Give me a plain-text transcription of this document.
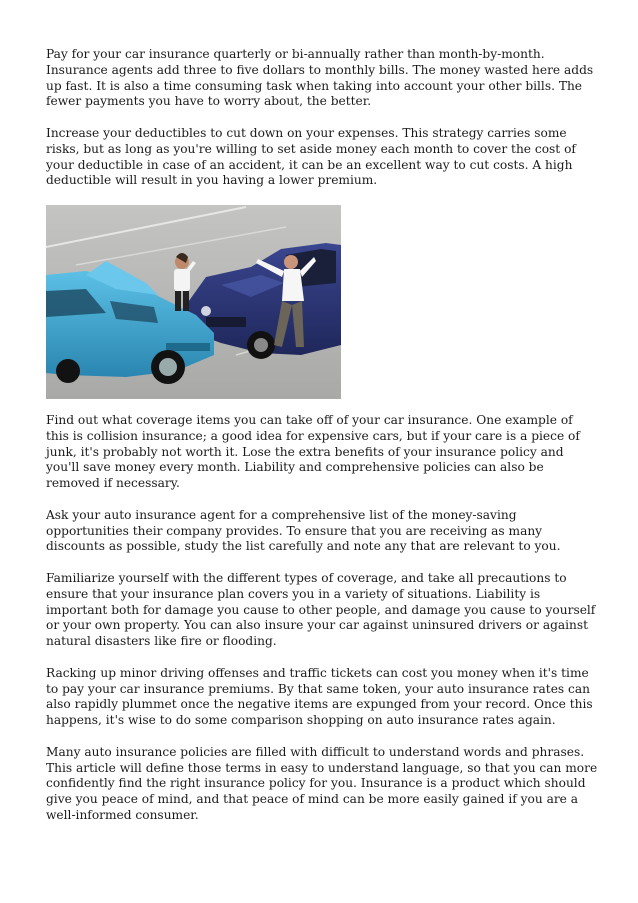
Pay for your car insurance quarterly or bi-annually rather than month-by-month. Insurance agents add three to five dollars to monthly bills. The money wasted here adds up fast. It is also a time consuming task when taking into account your other bills. The fewer payments you have to worry about, the better.

Increase your deductibles to cut down on your expenses. This strategy carries some risks, but as long as you're willing to set aside money each month to cover the cost of your deductible in case of an accident, it can be an excellent way to cut costs. A high deductible will result in you having a lower premium.

Find out what coverage items you can take off of your car insurance. One example of this is collision insurance; a good idea for expensive cars, but if your care is a piece of junk, it's probably not worth it. Lose the extra benefits of your insurance policy and you'll save money every month. Liability and comprehensive policies can also be removed if necessary.

Ask your auto insurance agent for a comprehensive list of the money-saving opportunities their company provides. To ensure that you are receiving as many discounts as possible, study the list carefully and note any that are relevant to you.

Familiarize yourself with the different types of coverage, and take all precautions to ensure that your insurance plan covers you in a variety of situations. Liability is important both for damage you cause to other people, and damage you cause to yourself or your own property. You can also insure your car against uninsured drivers or against natural disasters like fire or flooding.

Racking up minor driving offenses and traffic tickets can cost you money when it's time to pay your car insurance premiums. By that same token, your auto insurance rates can also rapidly plummet once the negative items are expunged from your record. Once this happens, it's wise to do some comparison shopping on auto insurance rates again.

Many auto insurance policies are filled with difficult to understand words and phrases. This article will define those terms in easy to understand language, so that you can more confidently find the right insurance policy for you. Insurance is a product which should give you peace of mind, and that peace of mind can be more easily gained if you are a well-informed consumer.
